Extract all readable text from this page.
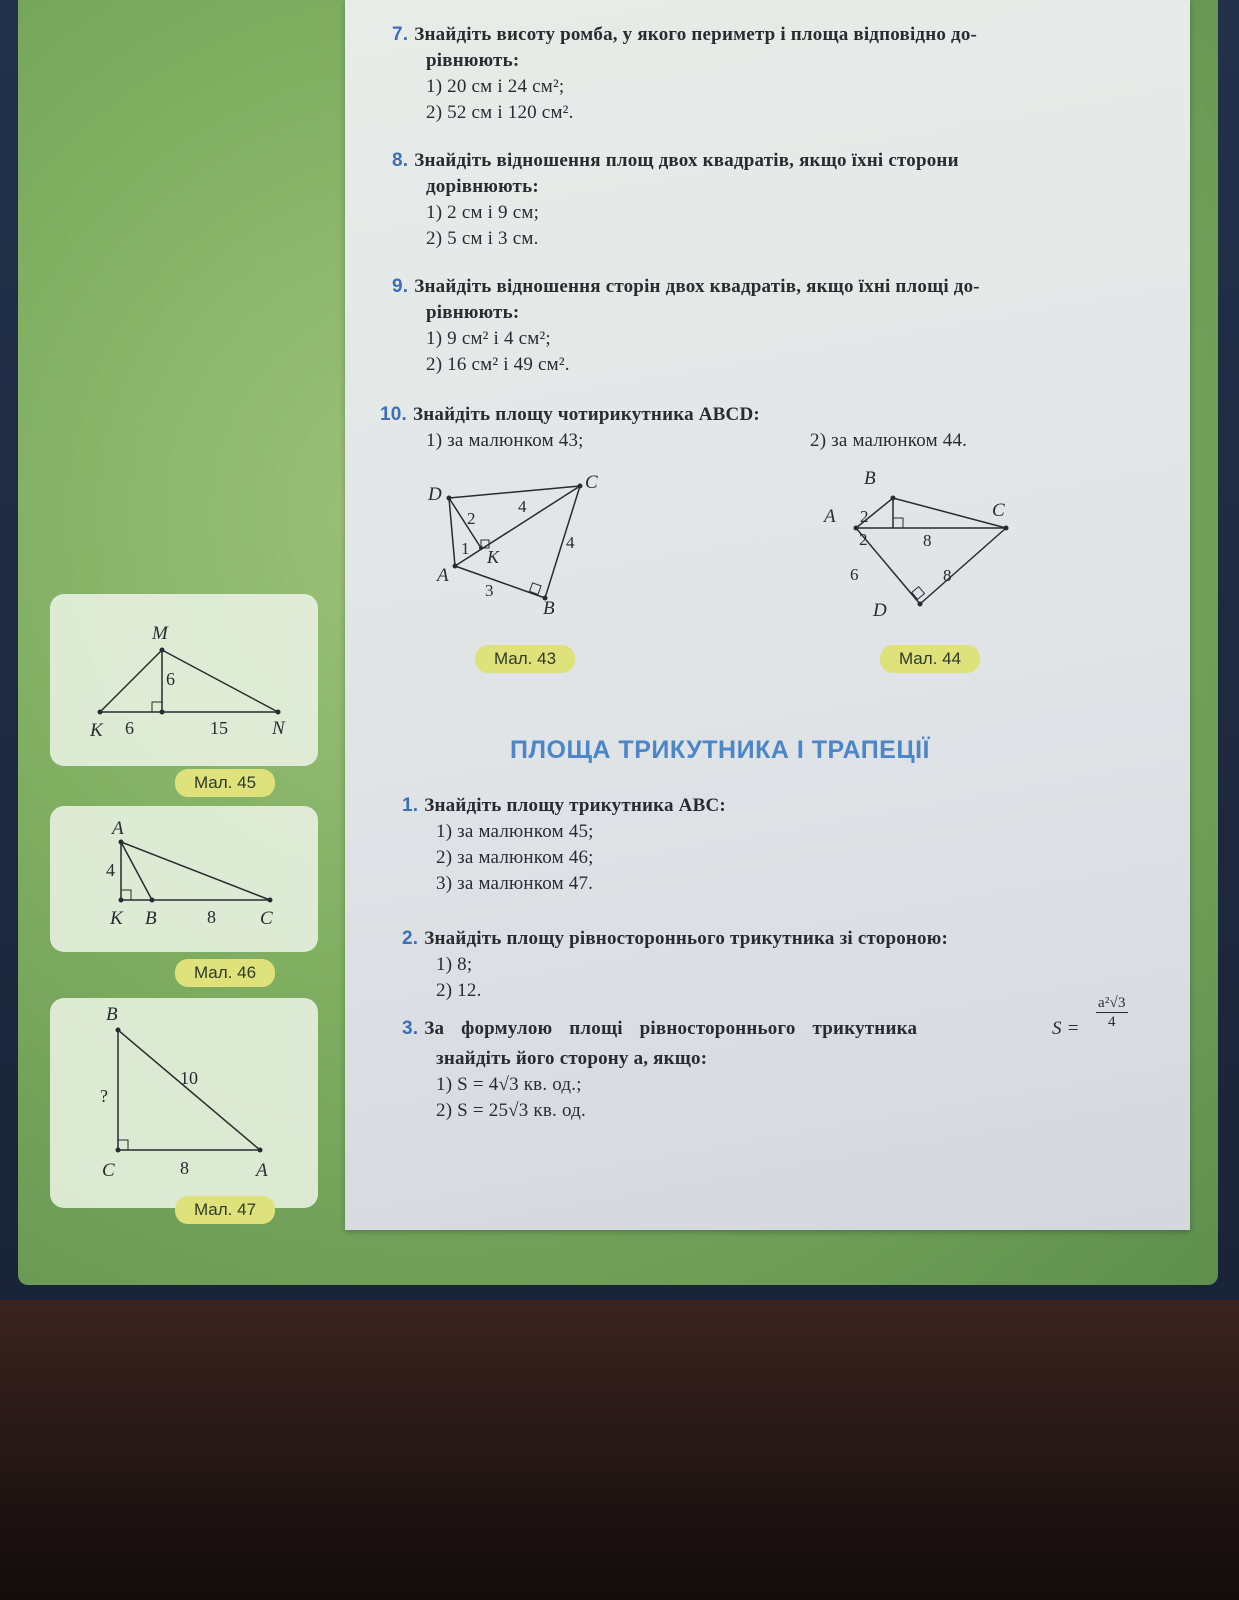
M
K	N
6
6	15
Мал. 45
A
K B	C
4
8
Мал. 46
B
C	A
10
?
8
Мал. 47
7. Знайдіть висоту ромба, у якого периметр і площа відповідно до-
рівнюють:
1) 20 см і 24 см²;
2) 52 см і 120 см².
8. Знайдіть відношення площ двох квадратів, якщо їхні сторони
дорівнюють:
1) 2 см і 9 см;
2) 5 см і 3 см.
9. Знайдіть відношення сторін двох квадратів, якщо їхні площі до-
рівнюють:
1) 9 см² і 4 см²;
2) 16 см² і 49 см².
10. Знайдіть площу чотирикутника ABCD:
1) за малюнком 43;	2) за малюнком 44.
D
C
A
B
K
2
4
4
1
3
Мал. 43
B
A	C
D
2
2	8
6	8
Мал. 44
ПЛОЩА ТРИКУТНИКА І ТРАПЕЦІЇ
1. Знайдіть площу трикутника ABC:
1) за малюнком 45;
2) за малюнком 46;
3) за малюнком 47.
2. Знайдіть площу рівностороннього трикутника зі стороною:
1) 8;
2) 12.
3. За формулою площі рівностороннього трикутника	$S = \frac{\text{a²√3}}{4}$
знайдіть його сторону a, якщо:
1) S = 4√3 кв. од.;
2) S = 25√3 кв. од.
